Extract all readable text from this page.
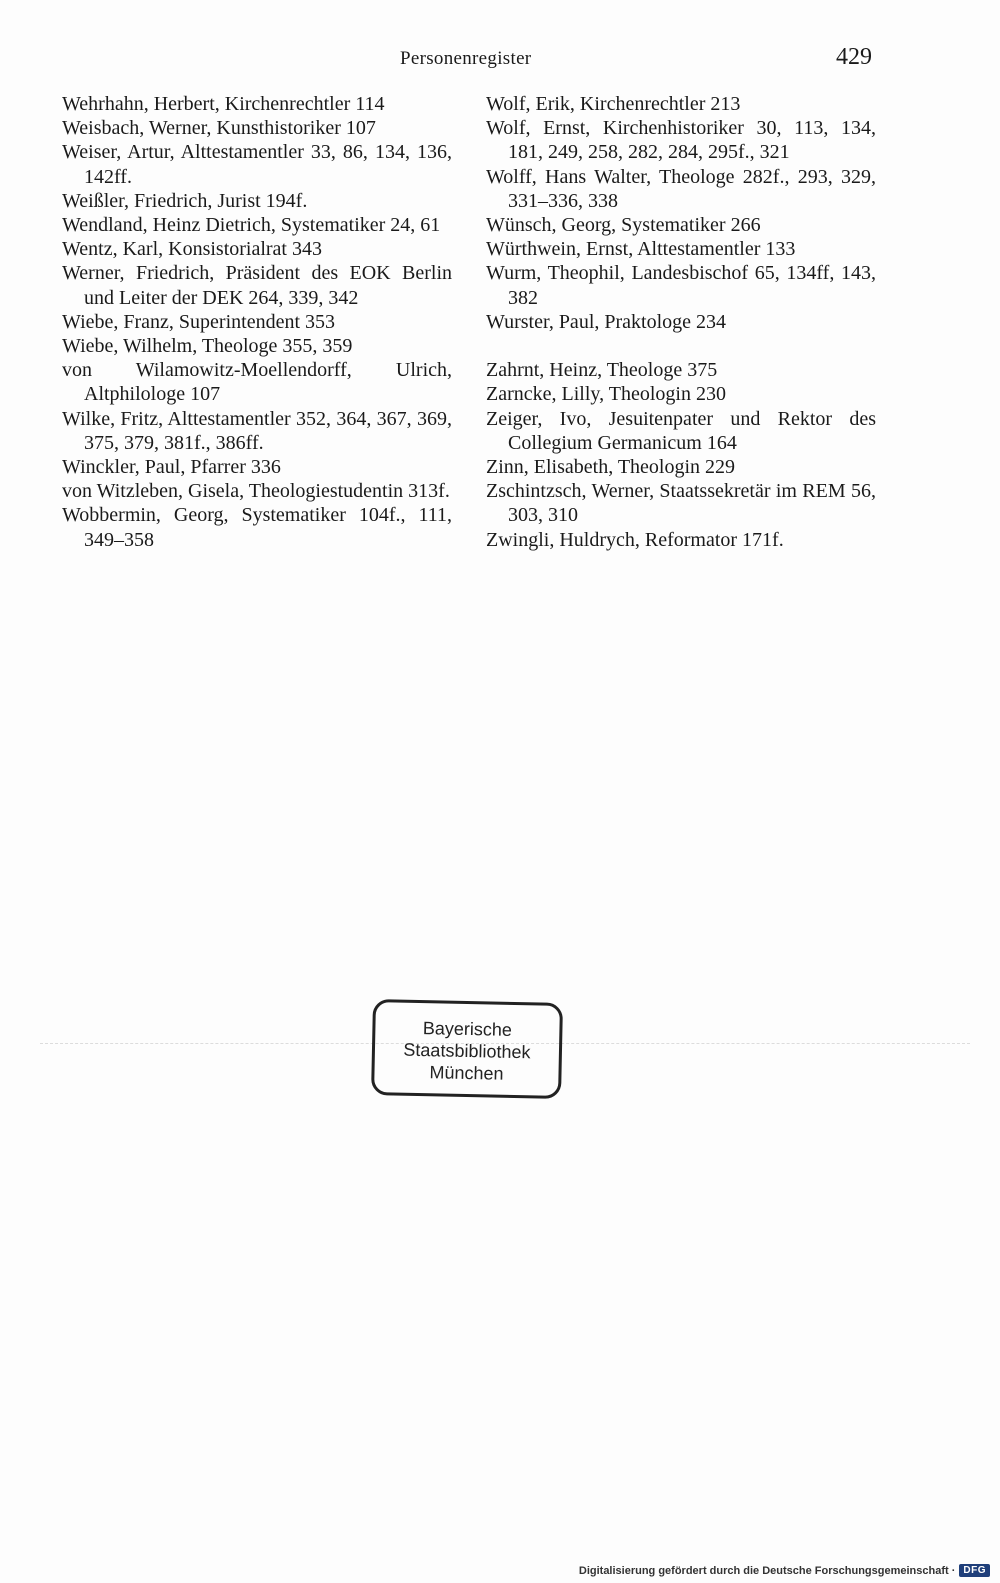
Personenregister	429

Wehrhahn, Herbert, Kirchenrechtler 114

Weisbach, Werner, Kunsthistoriker 107

Weiser, Artur, Alttestamentler 33, 86, 134, 136, 142ff.

Weißler, Friedrich, Jurist 194f.

Wendland, Heinz Dietrich, Systematiker 24, 61

Wentz, Karl, Konsistorialrat 343

Werner, Friedrich, Präsident des EOK Berlin und Leiter der DEK 264, 339, 342

Wiebe, Franz, Superintendent 353

Wiebe, Wilhelm, Theologe 355, 359

von Wilamowitz-Moellendorff, Ulrich, Altphilologe 107

Wilke, Fritz, Alttestamentler 352, 364, 367, 369, 375, 379, 381f., 386ff.

Winckler, Paul, Pfarrer 336

von Witzleben, Gisela, Theologiestudentin 313f.

Wobbermin, Georg, Systematiker 104f., 111, 349–358

Wolf, Erik, Kirchenrechtler 213

Wolf, Ernst, Kirchenhistoriker 30, 113, 134, 181, 249, 258, 282, 284, 295f., 321

Wolff, Hans Walter, Theologe 282f., 293, 329, 331–336, 338

Wünsch, Georg, Systematiker 266

Würthwein, Ernst, Alttestamentler 133

Wurm, Theophil, Landesbischof 65, 134ff, 143, 382

Wurster, Paul, Praktologe 234

Zahrnt, Heinz, Theologe 375

Zarncke, Lilly, Theologin 230

Zeiger, Ivo, Jesuitenpater und Rektor des Collegium Germanicum 164

Zinn, Elisabeth, Theologin 229

Zschintzsch, Werner, Staatssekretär im REM 56, 303, 310

Zwingli, Huldrych, Reformator 171f.

Bayerische
Staatsbibliothek
München
Digitalisierung gefördert durch die Deutsche Forschungsgemeinschaft · DFG
